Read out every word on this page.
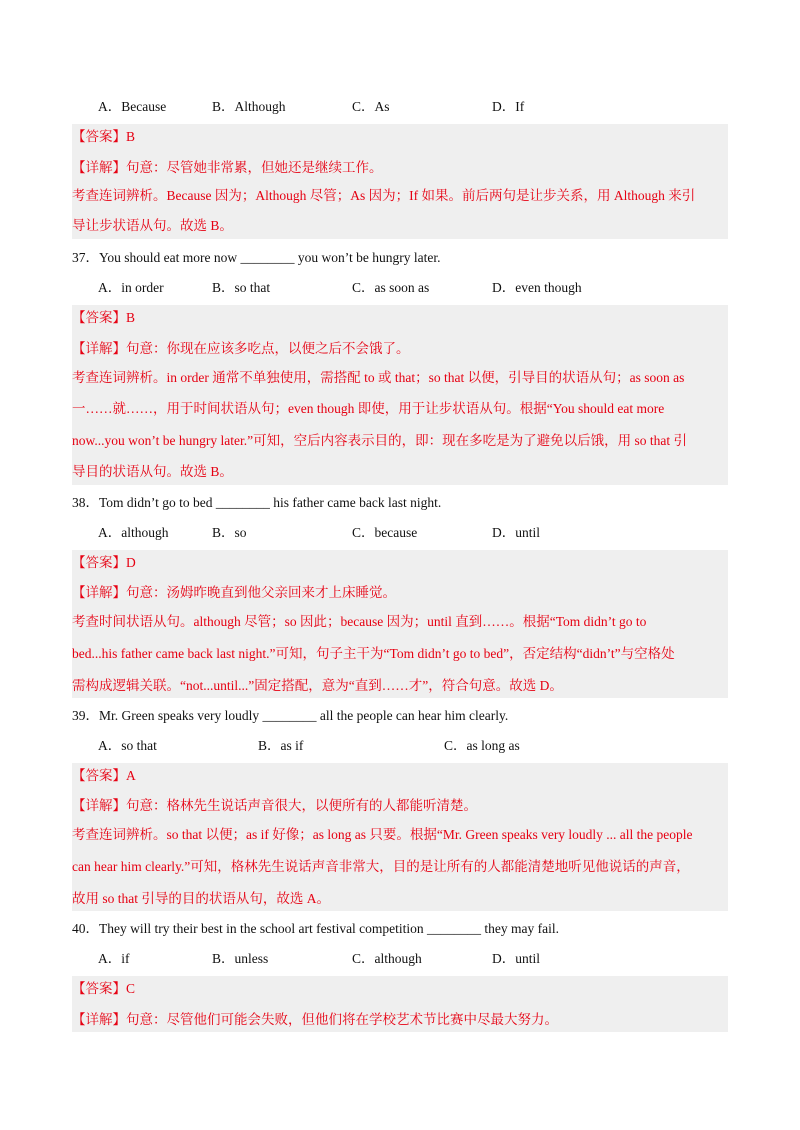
A．Because	B．Although	C．As	D．If
【答案】B
【详解】句意：尽管她非常累，但她还是继续工作。
考查连词辨析。Because 因为；Although 尽管；As 因为；If 如果。前后两句是让步关系，用 Although 来引
导让步状语从句。故选 B。
37．You should eat more now ________ you won’t be hungry later.
A．in order	B．so that	C．as soon as	D．even though
【答案】B
【详解】句意：你现在应该多吃点，以便之后不会饿了。
考查连词辨析。in order 通常不单独使用，需搭配 to 或 that；so that 以便，引导目的状语从句；as soon as
一……就……，用于时间状语从句；even though 即使，用于让步状语从句。根据“You should eat more
now...you won’t be hungry later.”可知，空后内容表示目的，即：现在多吃是为了避免以后饿，用 so that 引
导目的状语从句。故选 B。
38．Tom didn’t go to bed ________ his father came back last night.
A．although	B．so	C．because	D．until
【答案】D
【详解】句意：汤姆昨晚直到他父亲回来才上床睡觉。
考查时间状语从句。although 尽管；so 因此；because 因为；until 直到……。根据“Tom didn’t go to
bed...his father came back last night.”可知，句子主干为“Tom didn’t go to bed”，否定结构“didn’t”与空格处
需构成逻辑关联。“not...until...”固定搭配，意为“直到……才”，符合句意。故选 D。
39．Mr. Green speaks very loudly ________ all the people can hear him clearly.
A．so that	B．as if	C．as long as
【答案】A
【详解】句意：格林先生说话声音很大，以便所有的人都能听清楚。
考查连词辨析。so that 以便；as if 好像；as long as 只要。根据“Mr. Green speaks very loudly ... all the people
can hear him clearly.”可知，格林先生说话声音非常大，目的是让所有的人都能清楚地听见他说话的声音，
故用 so that 引导的目的状语从句，故选 A。
40．They will try their best in the school art festival competition ________ they may fail.
A．if	B．unless	C．although	D．until
【答案】C
【详解】句意：尽管他们可能会失败，但他们将在学校艺术节比赛中尽最大努力。
